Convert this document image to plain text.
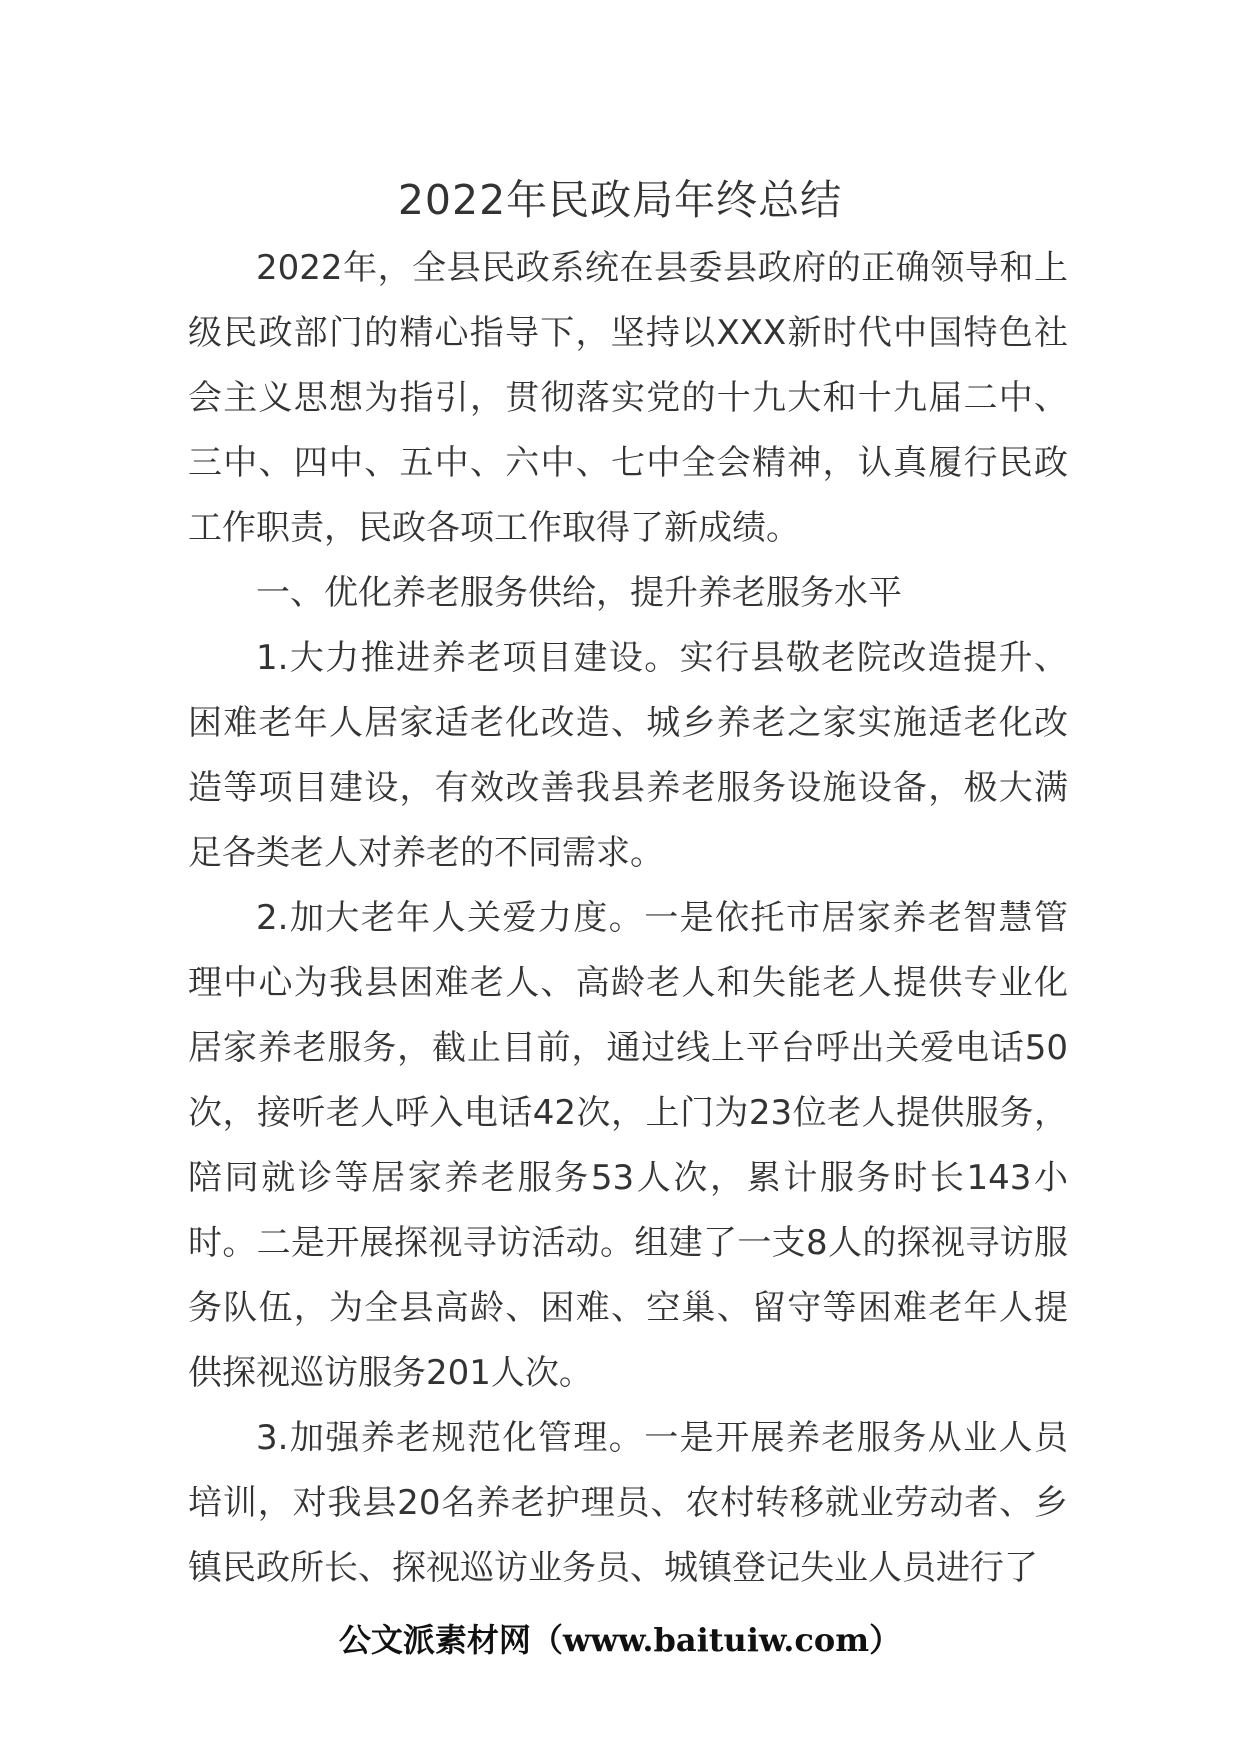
2022年民政局年终总结

2022年，全县民政系统在县委县政府的正确领导和上级民政部门的精心指导下，坚持以XXX新时代中国特色社会主义思想为指引，贯彻落实党的十九大和十九届二中、三中、四中、五中、六中、七中全会精神，认真履行民政工作职责，民政各项工作取得了新成绩。

一、优化养老服务供给，提升养老服务水平

1.大力推进养老项目建设。实行县敬老院改造提升、困难老年人居家适老化改造、城乡养老之家实施适老化改造等项目建设，有效改善我县养老服务设施设备，极大满足各类老人对养老的不同需求。

2.加大老年人关爱力度。一是依托市居家养老智慧管理中心为我县困难老人、高龄老人和失能老人提供专业化居家养老服务，截止目前，通过线上平台呼出关爱电话50次，接听老人呼入电话42次，上门为23位老人提供服务，陪同就诊等居家养老服务53人次，累计服务时长143小时。二是开展探视寻访活动。组建了一支8人的探视寻访服务队伍，为全县高龄、困难、空巢、留守等困难老年人提供探视巡访服务201人次。

3.加强养老规范化管理。一是开展养老服务从业人员培训，对我县20名养老护理员、农村转移就业劳动者、乡镇民政所长、探视巡访业务员、城镇登记失业人员进行了

公文派素材网（www.baituiw.com）
